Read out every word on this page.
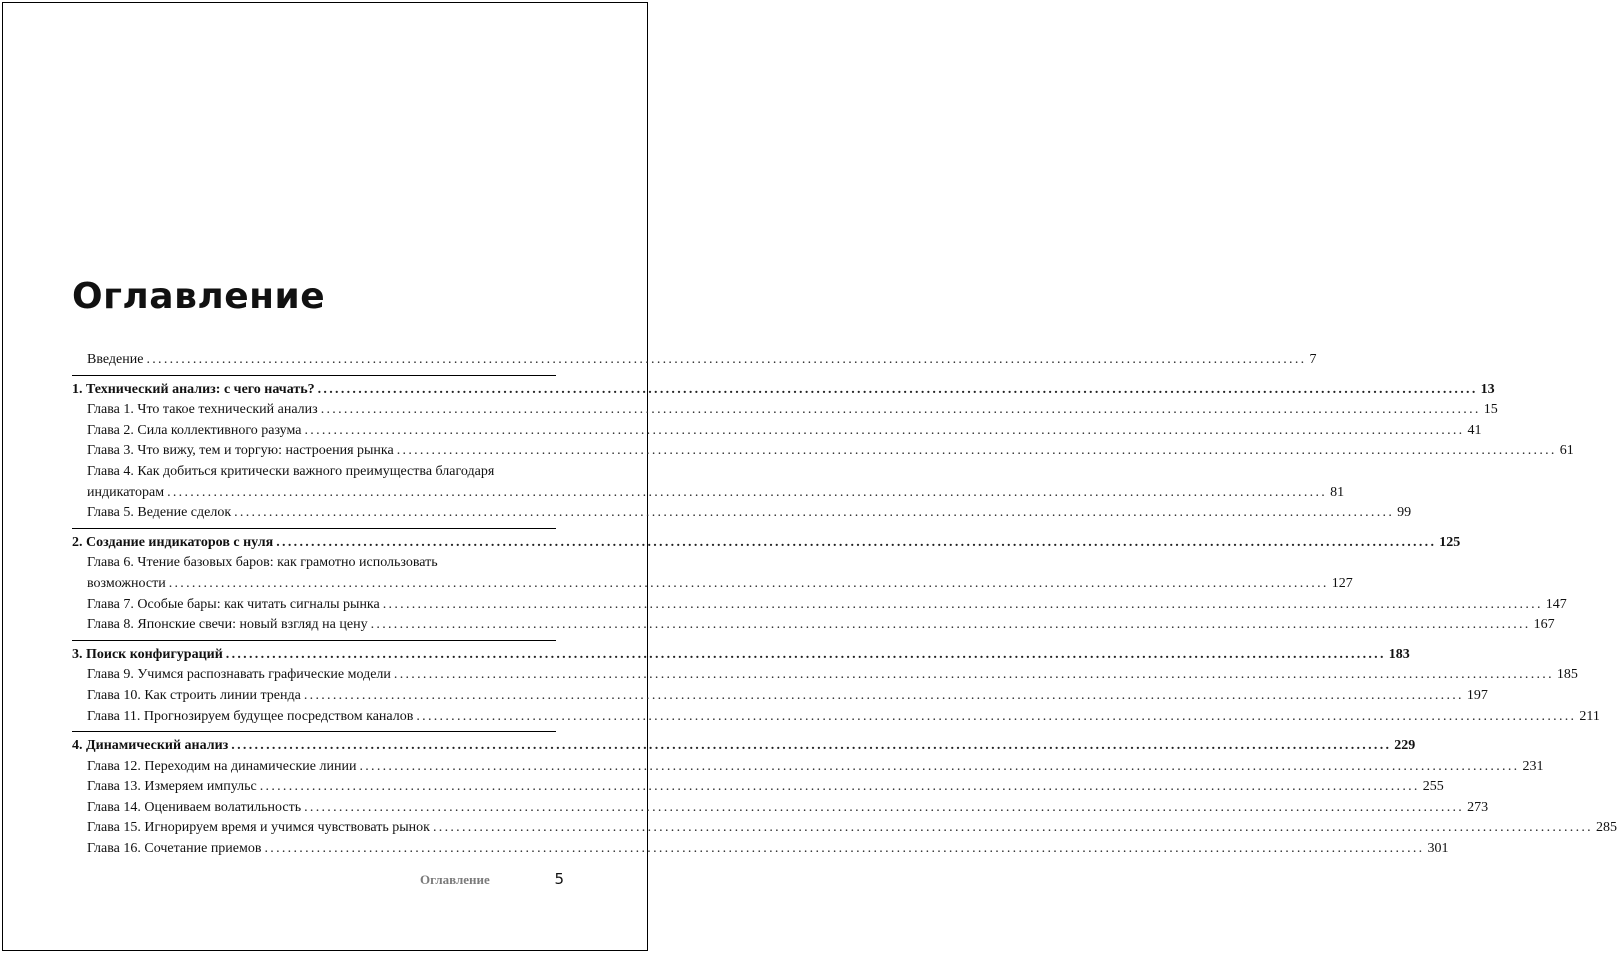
Оглавление
Введение ........................................................................................................................................................................................................ 7
1. Технический анализ: с чего начать? ........................................................................................................................................................................................................ 13
Глава 1. Что такое технический анализ ........................................................................................................................................................................................................ 15
Глава 2. Сила коллективного разума ........................................................................................................................................................................................................ 41
Глава 3. Что вижу, тем и торгую: настроения рынка ........................................................................................................................................................................................................ 61
Глава 4. Как добиться критически важного преимущества благодаря
индикаторам ........................................................................................................................................................................................................ 81
Глава 5. Ведение сделок ........................................................................................................................................................................................................ 99
2. Создание индикаторов с нуля ........................................................................................................................................................................................................ 125
Глава 6. Чтение базовых баров: как грамотно использовать
возможности ........................................................................................................................................................................................................ 127
Глава 7. Особые бары: как читать сигналы рынка ........................................................................................................................................................................................................ 147
Глава 8. Японские свечи: новый взгляд на цену ........................................................................................................................................................................................................ 167
3. Поиск конфигураций ........................................................................................................................................................................................................ 183
Глава 9. Учимся распознавать графические модели ........................................................................................................................................................................................................ 185
Глава 10. Как строить линии тренда ........................................................................................................................................................................................................ 197
Глава 11. Прогнозируем будущее посредством каналов ........................................................................................................................................................................................................ 211
4. Динамический анализ ........................................................................................................................................................................................................ 229
Глава 12. Переходим на динамические линии ........................................................................................................................................................................................................ 231
Глава 13. Измеряем импульс ........................................................................................................................................................................................................ 255
Глава 14. Оцениваем волатильность ........................................................................................................................................................................................................ 273
Глава 15. Игнорируем время и учимся чувствовать рынок ........................................................................................................................................................................................................ 285
Глава 16. Сочетание приемов ........................................................................................................................................................................................................ 301
Оглавление	5
